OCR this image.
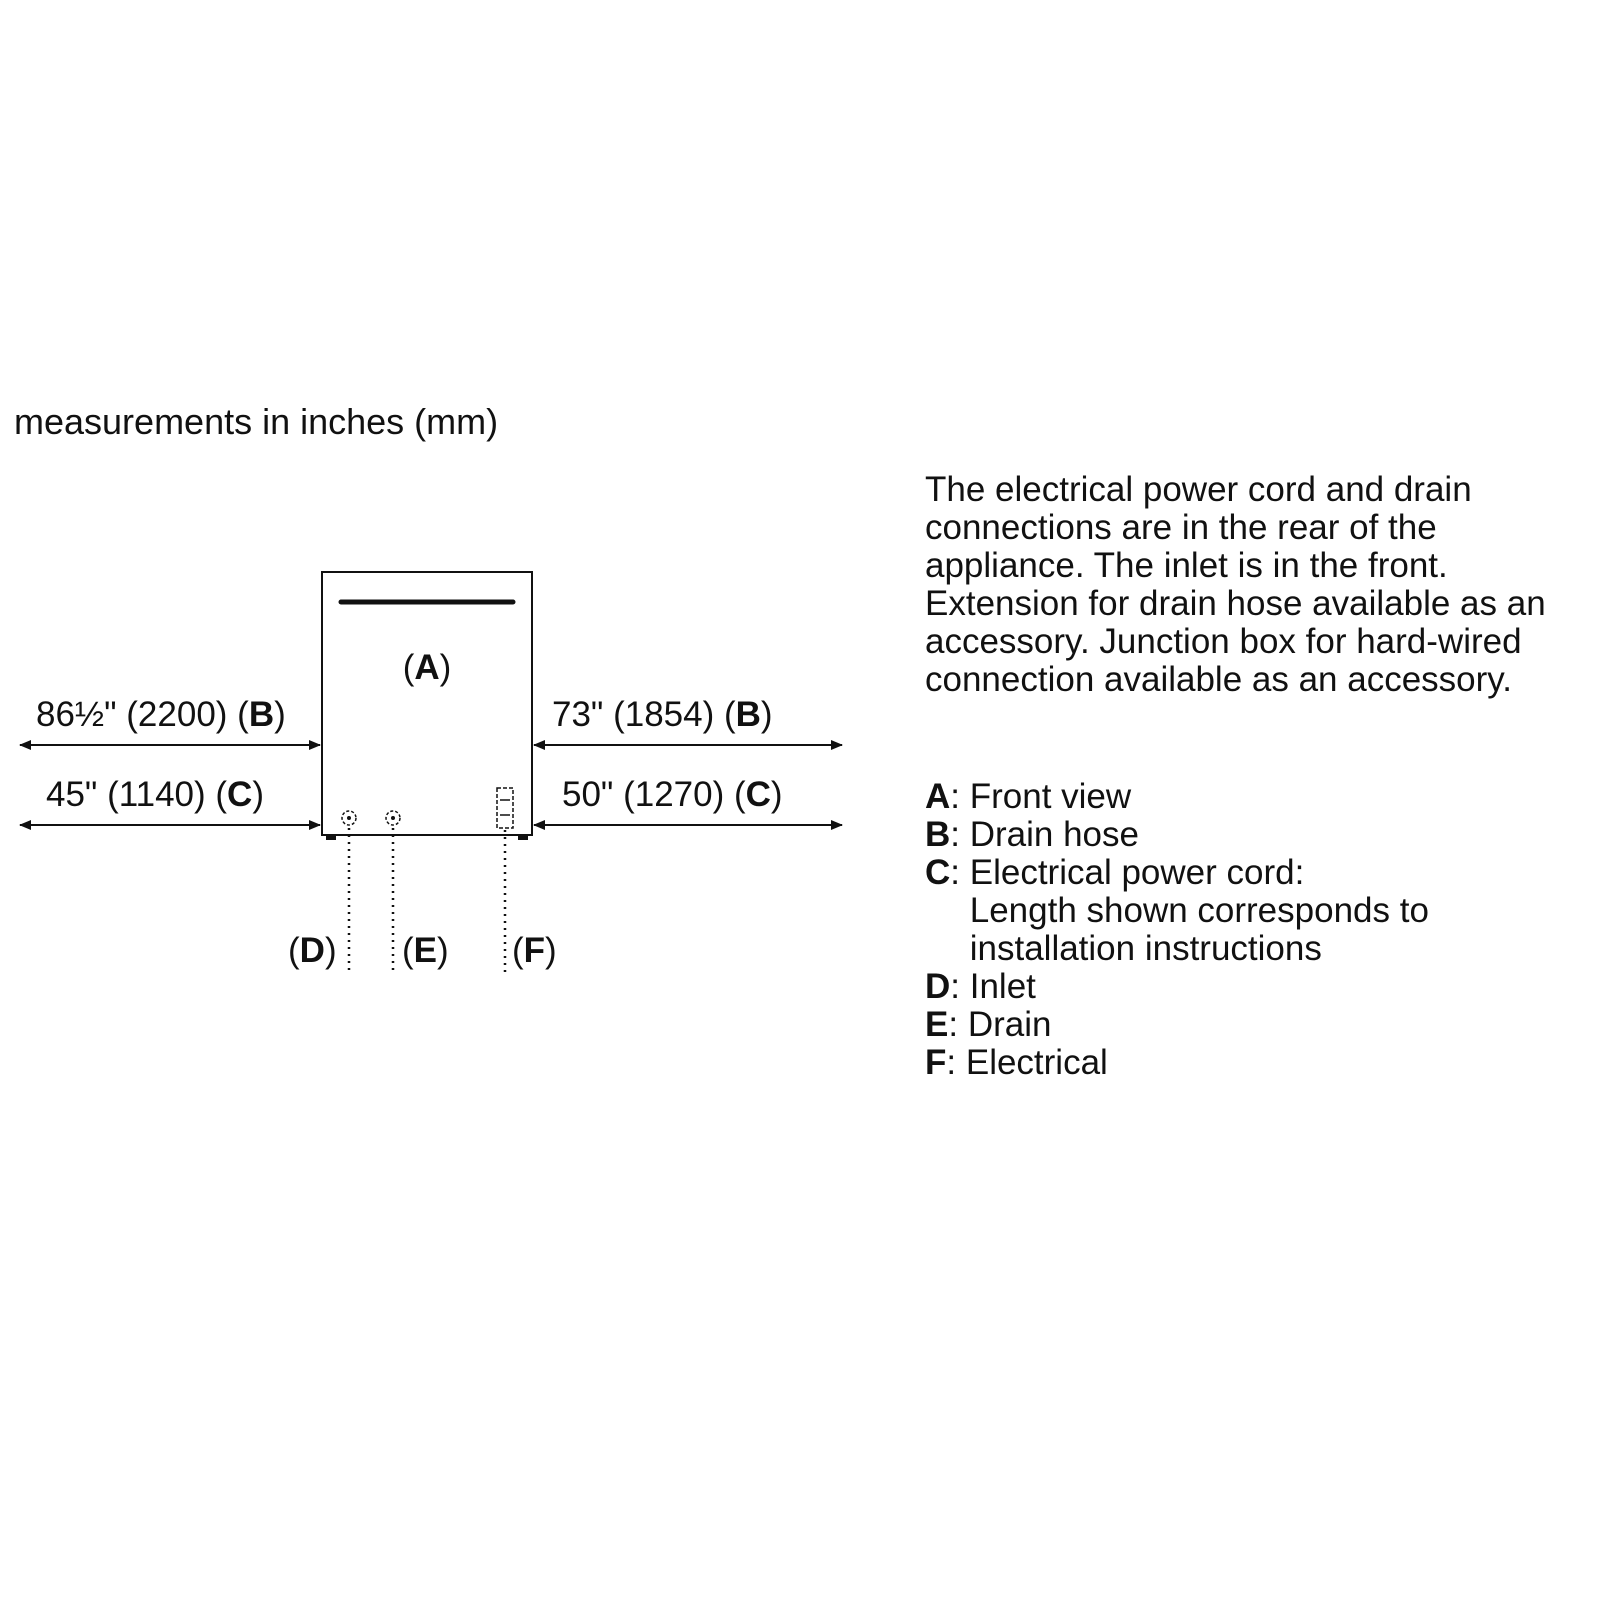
(A)
86½" (2200) (B)
45" (1140) (C)
73" (1854) (B)
50" (1270) (C)
(D) (E) (F)
measurements in inches (mm)

The electrical power cord and drain connections are in the rear of the appliance. The inlet is in the front. Extension for drain hose available as an accessory. Junction box for hard-wired connection available as an accessory.

A : Front view
B : Drain hose
C : Electrical power cord:
Length shown corresponds to
installation instructions
D : Inlet
E : Drain
F : Electrical
